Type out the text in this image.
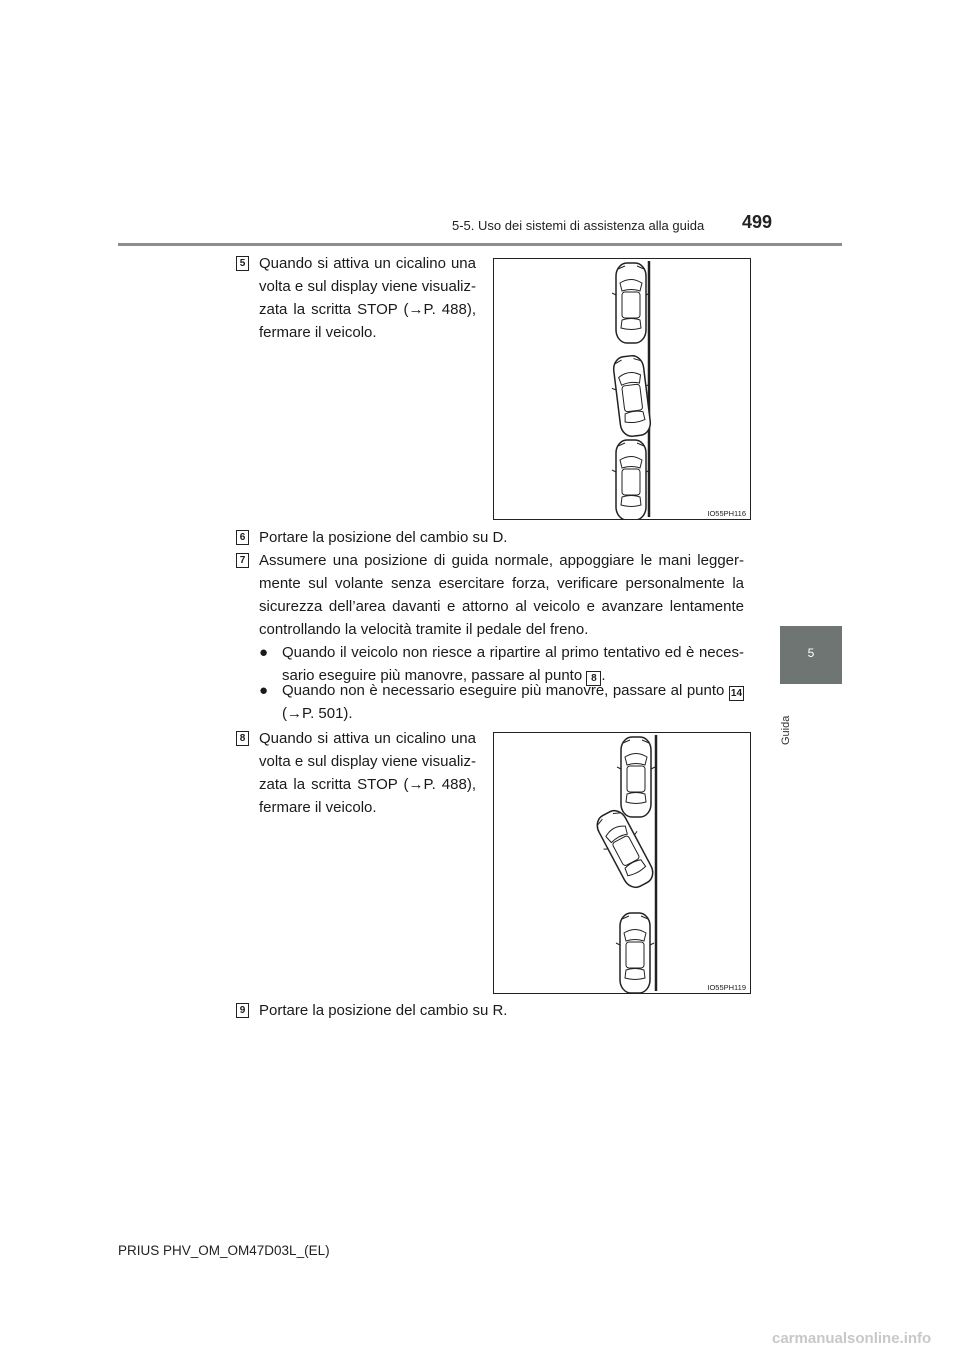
5-5. Uso dei sistemi di assistenza alla guida 499
5
Guida
5 Quando si attiva un cicalino una volta e sul display viene visualiz-zata la scritta STOP (→P. 488), fermare il veicolo.
IO55PH116
6 Portare la posizione del cambio su D.
7 Assumere una posizione di guida normale, appoggiare le mani legger-mente sul volante senza esercitare forza, verificare personalmente la sicurezza dell’area davanti e attorno al veicolo e avanzare lentamente controllando la velocità tramite il pedale del freno.
● Quando il veicolo non riesce a ripartire al primo tentativo ed è neces-sario eseguire più manovre, passare al punto 8 .
● Quando non è necessario eseguire più manovre, passare al punto 14 (→P. 501).
8 Quando si attiva un cicalino una volta e sul display viene visualiz-zata la scritta STOP (→P. 488), fermare il veicolo.
IO55PH119
9 Portare la posizione del cambio su R.
PRIUS PHV_OM_OM47D03L_(EL)
carmanualsonline.info
